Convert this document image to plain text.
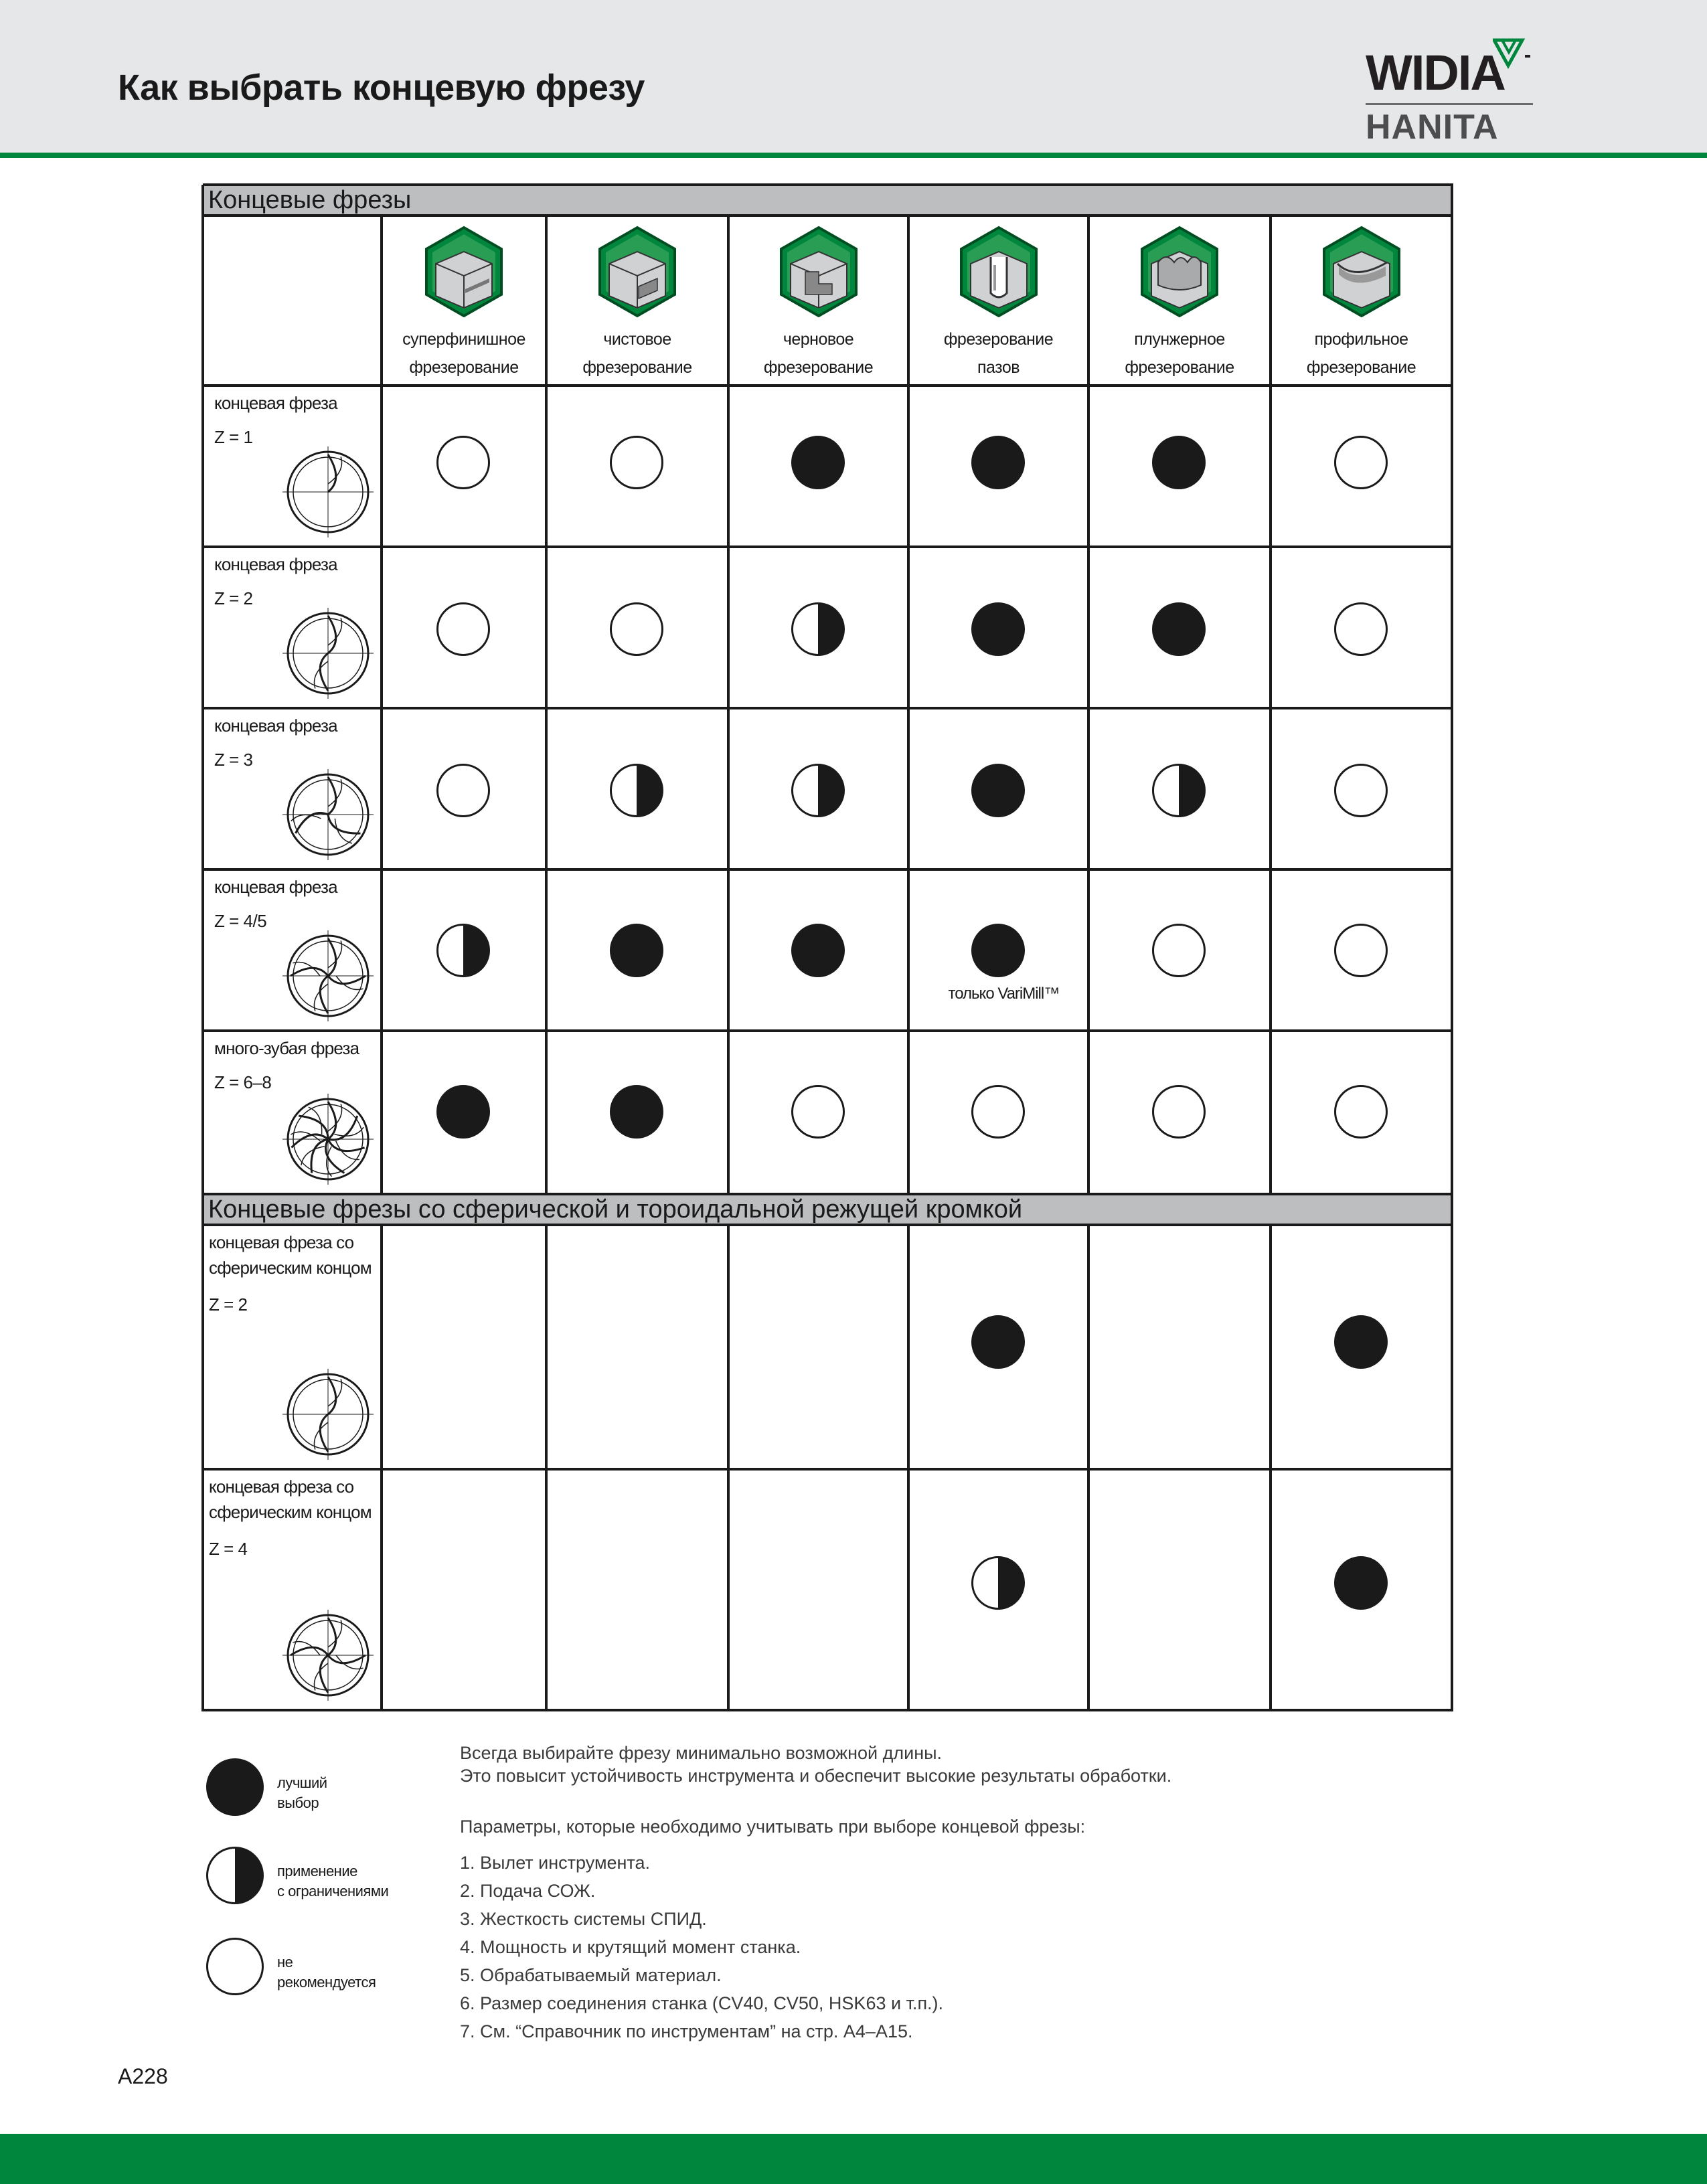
Как выбрать концевую фрезу	WIDIA
HANITA
Концевые фрезы
Концевые фрезы со сферической и тороидальной режущей кромкой
суперфинишное
фрезерование
чистовое
фрезерование
черновое
фрезерование
фрезерование
пазов
плунжерное
фрезерование
профильное
фрезерование
концевая фреза
Z = 1
концевая фреза
Z = 2
концевая фреза
Z = 3
концевая фреза
Z = 4/5
только VariMill™
много-зубая фреза
Z = 6–8
концевая фреза со
сферическим концом
Z = 2
концевая фреза со
сферическим концом
Z = 4
лучший
выбор
применение
с ограничениями
не
рекомендуется
Всегда выбирайте фрезу минимально возможной длины.
Это повысит устойчивость инструмента и обеспечит высокие результаты обработки.
Параметры, которые необходимо учитывать при выборе концевой фрезы:
1. Вылет инструмента.
2. Подача СОЖ.
3. Жесткость системы СПИД.
4. Мощность и крутящий момент станка.
5. Обрабатываемый материал.
6. Размер соединения станка (CV40, CV50, HSK63 и т.п.).
7. См. “Справочник по инструментам” на стр. A4–A15.
A228
